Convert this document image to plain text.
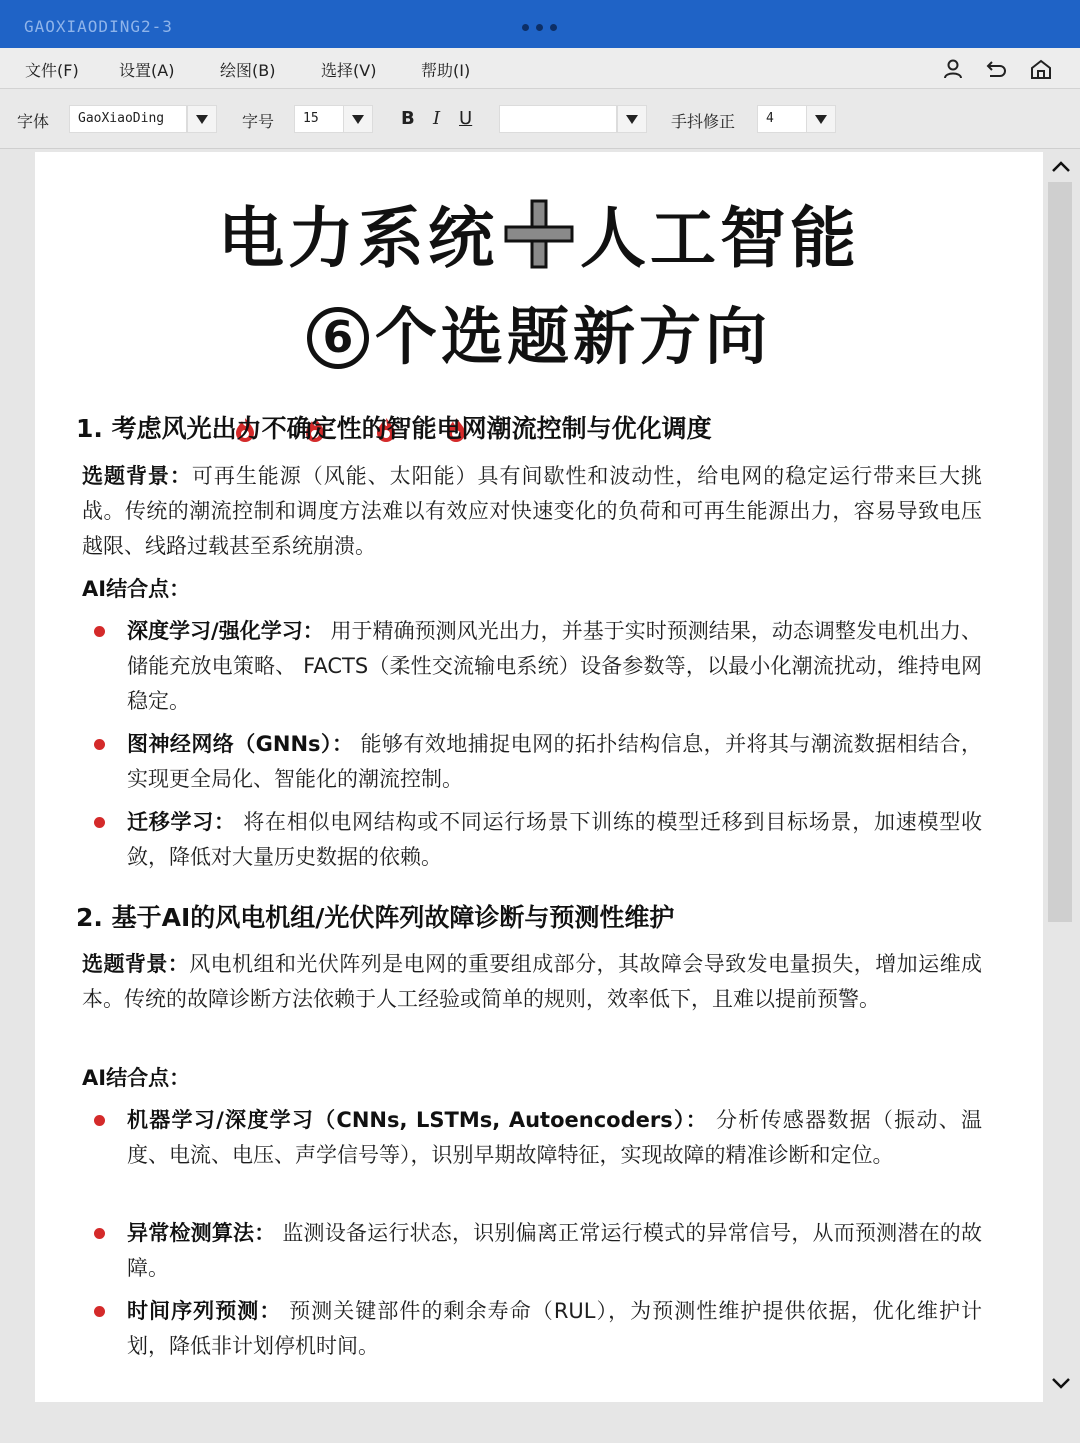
GAOXIAODING2-3
文件(F)	设置(A)	绘图(B)	选择(V)	帮助(I)
字体	GaoXiaoDing	字号	15	B I U	手抖修正	4
电力系统 人工智能
6 个选题新方向
1. 考虑风光出力不确定性的智能电网潮流控制与优化调度
选题背景：可再生能源（风能、太阳能）具有间歇性和波动性，给电网的稳定运行带来巨大挑战。传统的潮流控制和调度方法难以有效应对快速变化的负荷和可再生能源出力，容易导致电压越限、线路过载甚至系统崩溃。
AI结合点：
深度学习/强化学习： 用于精确预测风光出力，并基于实时预测结果，动态调整发电机出力、储能充放电策略、 FACTS（柔性交流输电系统）设备参数等，以最小化潮流扰动，维持电网稳定。
图神经网络（GNNs）： 能够有效地捕捉电网的拓扑结构信息，并将其与潮流数据相结合，实现更全局化、智能化的潮流控制。
迁移学习： 将在相似电网结构或不同运行场景下训练的模型迁移到目标场景，加速模型收敛，降低对大量历史数据的依赖。
2. 基于AI的风电机组/光伏阵列故障诊断与预测性维护
选题背景：风电机组和光伏阵列是电网的重要组成部分，其故障会导致发电量损失，增加运维成本。传统的故障诊断方法依赖于人工经验或简单的规则，效率低下，且难以提前预警。
AI结合点：
机器学习/深度学习（CNNs, LSTMs, Autoencoders）： 分析传感器数据（振动、温度、电流、电压、声学信号等），识别早期故障特征，实现故障的精准诊断和定位。
异常检测算法： 监测设备运行状态，识别偏离正常运行模式的异常信号，从而预测潜在的故障。
时间序列预测： 预测关键部件的剩余寿命（RUL），为预测性维护提供依据，优化维护计划，降低非计划停机时间。
